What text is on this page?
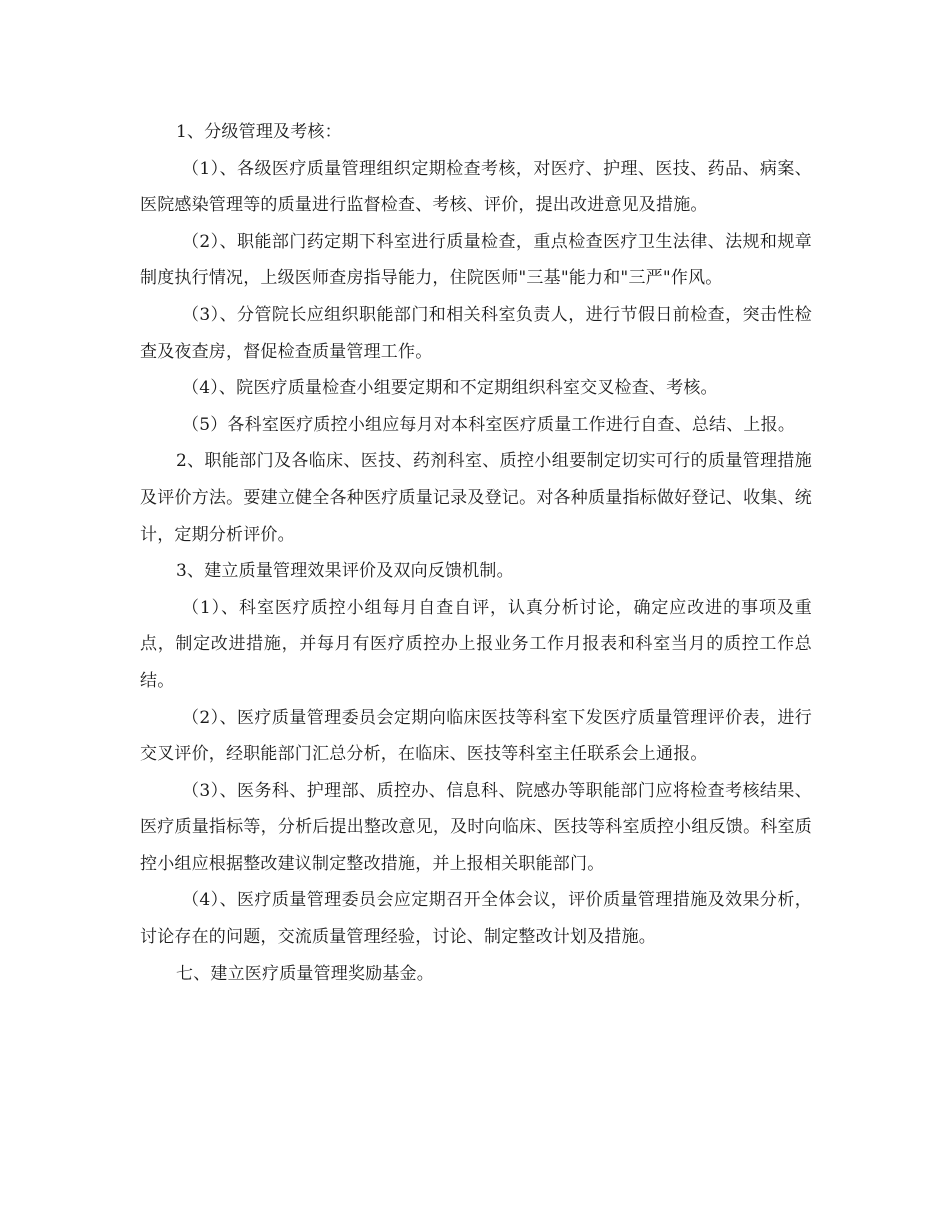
1、分级管理及考核：

（1）、各级医疗质量管理组织定期检查考核，对医疗、护理、医技、药品、病案、医院感染管理等的质量进行监督检查、考核、评价，提出改进意见及措施。

（2）、职能部门药定期下科室进行质量检查，重点检查医疗卫生法律、法规和规章制度执行情况，上级医师查房指导能力，住院医师"三基"能力和"三严"作风。

（3）、分管院长应组织职能部门和相关科室负责人，进行节假日前检查，突击性检查及夜查房，督促检查质量管理工作。

（4）、院医疗质量检查小组要定期和不定期组织科室交叉检查、考核。

（5）各科室医疗质控小组应每月对本科室医疗质量工作进行自查、总结、上报。

2、职能部门及各临床、医技、药剂科室、质控小组要制定切实可行的质量管理措施及评价方法。要建立健全各种医疗质量记录及登记。对各种质量指标做好登记、收集、统计，定期分析评价。

3、建立质量管理效果评价及双向反馈机制。

（1）、科室医疗质控小组每月自查自评，认真分析讨论，确定应改进的事项及重点，制定改进措施，并每月有医疗质控办上报业务工作月报表和科室当月的质控工作总结。

（2）、医疗质量管理委员会定期向临床医技等科室下发医疗质量管理评价表，进行交叉评价，经职能部门汇总分析，在临床、医技等科室主任联系会上通报。

（3）、医务科、护理部、质控办、信息科、院感办等职能部门应将检查考核结果、医疗质量指标等，分析后提出整改意见，及时向临床、医技等科室质控小组反馈。科室质控小组应根据整改建议制定整改措施，并上报相关职能部门。

（4）、医疗质量管理委员会应定期召开全体会议，评价质量管理措施及效果分析，讨论存在的问题，交流质量管理经验，讨论、制定整改计划及措施。

七、建立医疗质量管理奖励基金。
